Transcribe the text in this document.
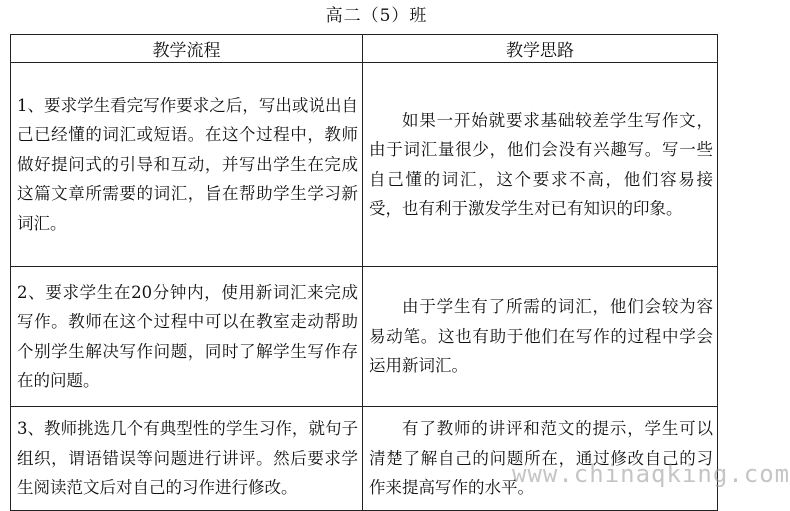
高二（5）班
教学流程	教学思路
1、要求学生看完写作要求之后，写出或说出自己已经懂的词汇或短语。在这个过程中，教师做好提问式的引导和互动，并写出学生在完成这篇文章所需要的词汇，旨在帮助学生学习新词汇。	如果一开始就要求基础较差学生写作文，由于词汇量很少，他们会没有兴趣写。写一些自己懂的词汇，这个要求不高，他们容易接受，也有利于激发学生对已有知识的印象。
2、要求学生在20分钟内，使用新词汇来完成写作。教师在这个过程中可以在教室走动帮助个别学生解决写作问题，同时了解学生写作存在的问题。	由于学生有了所需的词汇，他们会较为容易动笔。这也有助于他们在写作的过程中学会运用新词汇。
3、教师挑选几个有典型性的学生习作，就句子组织，谓语错误等问题进行讲评。然后要求学生阅读范文后对自己的习作进行修改。	有了教师的讲评和范文的提示，学生可以清楚了解自己的问题所在，通过修改自己的习作来提高写作的水平。
www.chinaqking.com
